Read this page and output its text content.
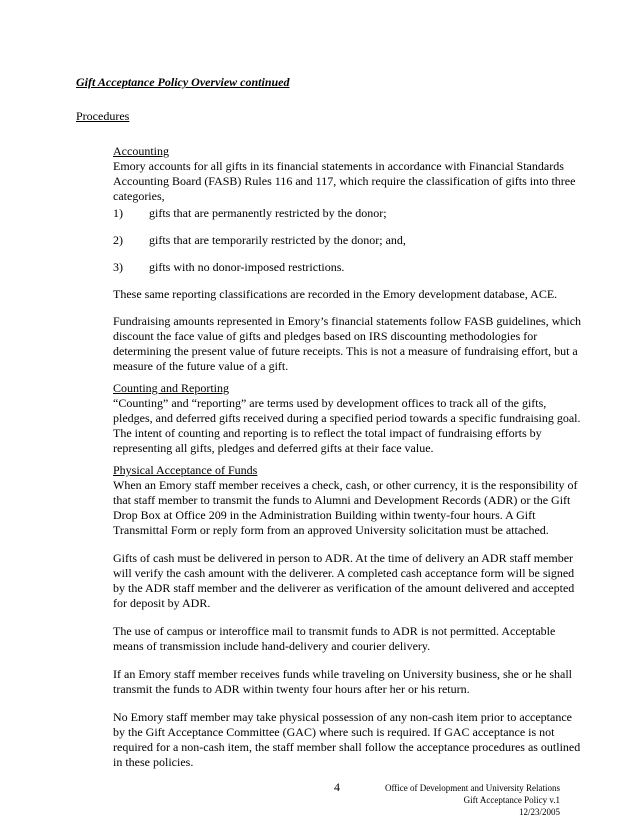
Gift Acceptance Policy Overview continued
Procedures
Accounting
Emory accounts for all gifts in its financial statements in accordance with Financial Standards
Accounting Board (FASB) Rules 116 and 117, which require the classification of gifts into three
categories,
1) gifts that are permanently restricted by the donor;
2) gifts that are temporarily restricted by the donor; and,
3) gifts with no donor-imposed restrictions.
These same reporting classifications are recorded in the Emory development database, ACE.
Fundraising amounts represented in Emory’s financial statements follow FASB guidelines, which
discount the face value of gifts and pledges based on IRS discounting methodologies for
determining the present value of future receipts. This is not a measure of fundraising effort, but a
measure of the future value of a gift.
Counting and Reporting
“Counting” and “reporting” are terms used by development offices to track all of the gifts,
pledges, and deferred gifts received during a specified period towards a specific fundraising goal.
The intent of counting and reporting is to reflect the total impact of fundraising efforts by
representing all gifts, pledges and deferred gifts at their face value.
Physical Acceptance of Funds
When an Emory staff member receives a check, cash, or other currency, it is the responsibility of
that staff member to transmit the funds to Alumni and Development Records (ADR) or the Gift
Drop Box at Office 209 in the Administration Building within twenty-four hours. A Gift
Transmittal Form or reply form from an approved University solicitation must be attached.
Gifts of cash must be delivered in person to ADR. At the time of delivery an ADR staff member
will verify the cash amount with the deliverer. A completed cash acceptance form will be signed
by the ADR staff member and the deliverer as verification of the amount delivered and accepted
for deposit by ADR.
The use of campus or interoffice mail to transmit funds to ADR is not permitted. Acceptable
means of transmission include hand-delivery and courier delivery.
If an Emory staff member receives funds while traveling on University business, she or he shall
transmit the funds to ADR within twenty four hours after her or his return.
No Emory staff member may take physical possession of any non-cash item prior to acceptance
by the Gift Acceptance Committee (GAC) where such is required. If GAC acceptance is not
required for a non-cash item, the staff member shall follow the acceptance procedures as outlined
in these policies.
4	Office of Development and University Relations
Gift Acceptance Policy v.1
12/23/2005
